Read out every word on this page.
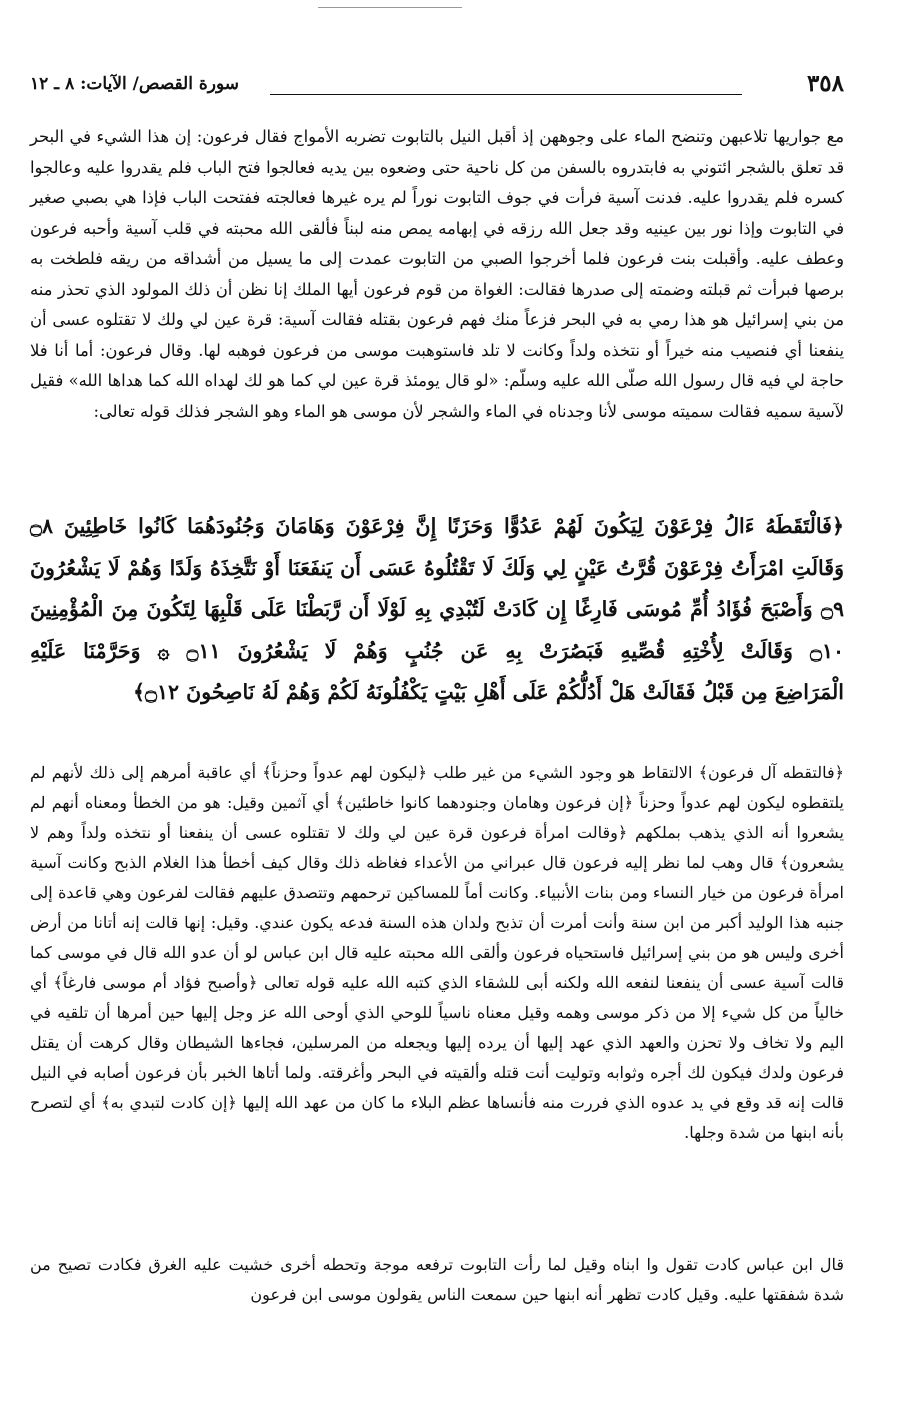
٣٥٨
سورة القصص/ الآيات: ٨ ـ ١٢

مع جواريها تلاعبهن وتنضح الماء على وجوههن إذ أقبل النيل بالتابوت تضربه الأمواج فقال فرعون: إن هذا الشيء في البحر قد تعلق بالشجر ائتوني به فابتدروه بالسفن من كل ناحية حتى وضعوه بين يديه فعالجوا فتح الباب فلم يقدروا عليه وعالجوا كسره فلم يقدروا عليه. فدنت آسية فرأت في جوف التابوت نوراً لم يره غيرها فعالجته ففتحت الباب فإذا هي بصبي صغير في التابوت وإذا نور بين عينيه وقد جعل الله رزقه في إبهامه يمص منه لبناً فألقى الله محبته في قلب آسية وأحبه فرعون وعطف عليه. وأقبلت بنت فرعون فلما أخرجوا الصبي من التابوت عمدت إلى ما يسيل من أشداقه من ريقه فلطخت به برصها فبرأت ثم قبلته وضمته إلى صدرها فقالت: الغواة من قوم فرعون أيها الملك إنا نظن أن ذلك المولود الذي تحذر منه من بني إسرائيل هو هذا رمي به في البحر فزعاً منك فهم فرعون بقتله فقالت آسية: قرة عين لي ولك لا تقتلوه عسى أن ينفعنا أي فنصيب منه خيراً أو نتخذه ولداً وكانت لا تلد فاستوهبت موسى من فرعون فوهبه لها. وقال فرعون: أما أنا فلا حاجة لي فيه قال رسول الله صلّى الله عليه وسلّم: «لو قال يومئذ قرة عين لي كما هو لك لهداه الله كما هداها الله» فقيل لآسية سميه فقالت سميته موسى لأنا وجدناه في الماء والشجر لأن موسى هو الماء وهو الشجر فذلك قوله تعالى:

﴿فَالْتَقَطَهُ ءَالُ فِرْعَوْنَ لِيَكُونَ لَهُمْ عَدُوًّا وَحَزَنًا إِنَّ فِرْعَوْنَ وَهَامَانَ وَجُنُودَهُمَا كَانُوا خَاطِئِينَ ۝٨ وَقَالَتِ امْرَأَتُ فِرْعَوْنَ قُرَّتُ عَيْنٍ لِي وَلَكَ لَا تَقْتُلُوهُ عَسَى أَن يَنفَعَنَا أَوْ نَتَّخِذَهُ وَلَدًا وَهُمْ لَا يَشْعُرُونَ ۝٩ وَأَصْبَحَ فُؤَادُ أُمِّ مُوسَى فَارِغًا إِن كَادَتْ لَتُبْدِي بِهِ لَوْلَا أَن رَّبَطْنَا عَلَى قَلْبِهَا لِتَكُونَ مِنَ الْمُؤْمِنِينَ ۝١٠ وَقَالَتْ لِأُخْتِهِ قُصِّيهِ فَبَصُرَتْ بِهِ عَن جُنُبٍ وَهُمْ لَا يَشْعُرُونَ ۝١١ ۞ وَحَرَّمْنَا عَلَيْهِ
الْمَرَاضِعَ مِن قَبْلُ فَقَالَتْ هَلْ أَدُلُّكُمْ عَلَى أَهْلِ بَيْتٍ يَكْفُلُونَهُ لَكُمْ وَهُمْ لَهُ نَاصِحُونَ ۝١٢﴾

﴿فالتقطه آل فرعون﴾ الالتقاط هو وجود الشيء من غير طلب ﴿ليكون لهم عدواً وحزناً﴾ أي عاقبة أمرهم إلى ذلك لأنهم لم يلتقطوه ليكون لهم عدواً وحزناً ﴿إن فرعون وهامان وجنودهما كانوا خاطئين﴾ أي آثمين وقيل: هو من الخطأ ومعناه أنهم لم يشعروا أنه الذي يذهب بملكهم ﴿وقالت امرأة فرعون قرة عين لي ولك لا تقتلوه عسى أن ينفعنا أو نتخذه ولداً وهم لا يشعرون﴾ قال وهب لما نظر إليه فرعون قال عبراني من الأعداء فغاظه ذلك وقال كيف أخطأ هذا الغلام الذبح وكانت آسية امرأة فرعون من خيار النساء ومن بنات الأنبياء. وكانت أماً للمساكين ترحمهم وتتصدق عليهم فقالت لفرعون وهي قاعدة إلى جنبه هذا الوليد أكبر من ابن سنة وأنت أمرت أن تذبح ولدان هذه السنة فدعه يكون عندي. وقيل: إنها قالت إنه أتانا من أرض أخرى وليس هو من بني إسرائيل فاستحياه فرعون وألقى الله محبته عليه قال ابن عباس لو أن عدو الله قال في موسى كما قالت آسية عسى أن ينفعنا لنفعه الله ولكنه أبى للشقاء الذي كتبه الله عليه قوله تعالى ﴿وأصبح فؤاد أم موسى فارغاً﴾ أي خالياً من كل شيء إلا من ذكر موسى وهمه وقيل معناه ناسياً للوحي الذي أوحى الله عز وجل إليها حين أمرها أن تلقيه في اليم ولا تخاف ولا تحزن والعهد الذي عهد إليها أن يرده إليها ويجعله من المرسلين، فجاءها الشيطان وقال كرهت أن يقتل فرعون ولدك فيكون لك أجره وثوابه وتوليت أنت قتله وألقيته في البحر وأغرقته. ولما أتاها الخبر بأن فرعون أصابه في النيل قالت إنه قد وقع في يد عدوه الذي فررت منه فأنساها عظم البلاء ما كان من عهد الله إليها ﴿إن كادت لتبدي به﴾ أي لتصرح بأنه ابنها من شدة وجلها.

قال ابن عباس كادت تقول وا ابناه وقيل لما رأت التابوت ترفعه موجة وتحطه أخرى خشيت عليه الغرق فكادت تصيح من شدة شفقتها عليه. وقيل كادت تظهر أنه ابنها حين سمعت الناس يقولون موسى ابن فرعون
